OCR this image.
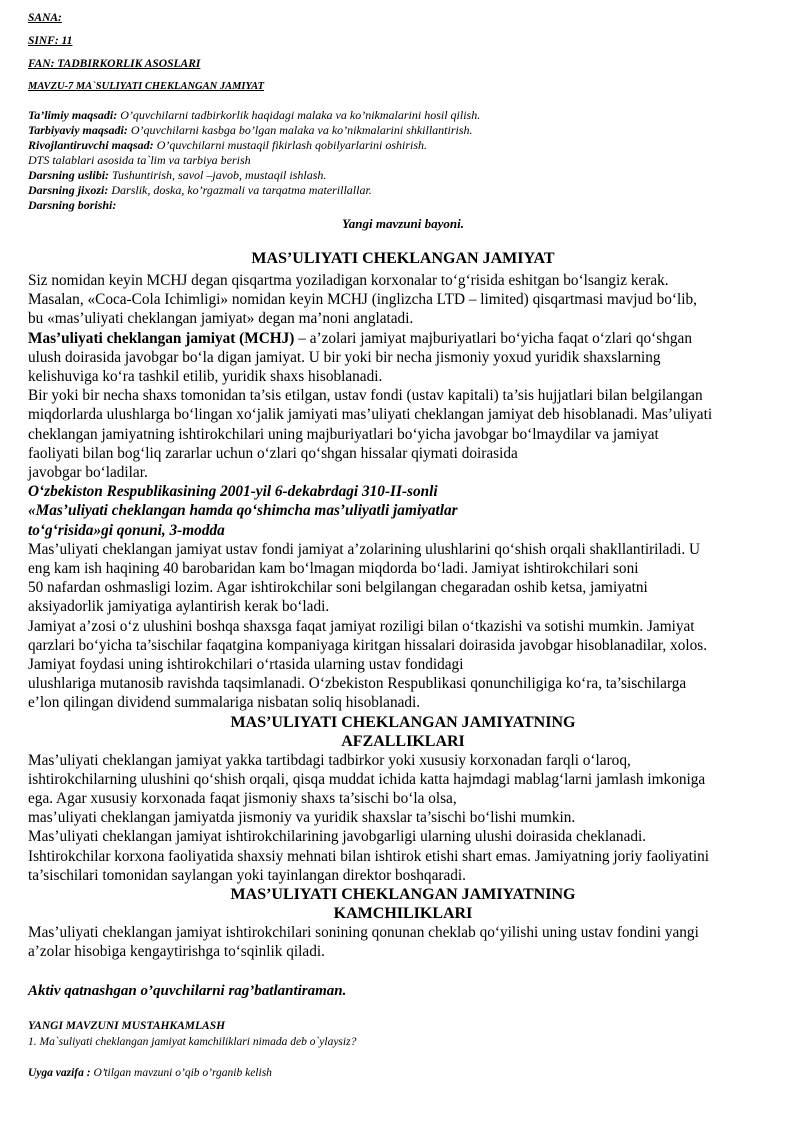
SANA:

SINF: 11

FAN: TADBIRKORLIK ASOSLARI

MAVZU-7 MA`SULIYATI CHEKLANGAN JAMIYAT

Ta’limiy maqsadi: O’quvchilarni tadbirkorlik haqidagi malaka va ko’nikmalarini hosil qilish.

Tarbiyaviy maqsadi: O’quvchilarni kasbga bo’lgan malaka va ko’nikmalarini shkillantirish.

Rivojlantiruvchi maqsad: O’quvchilarni mustaqil fikirlash qobilyarlarini oshirish.

DTS talablari asosida ta`lim va tarbiya berish

Darsning uslibi: Tushuntirish, savol –javob, mustaqil ishlash.

Darsning jixozi: Darslik, doska, ko’rgazmali va tarqatma materillallar.

Darsning borishi:

Yangi mavzuni bayoni.

MAS’ULIYATI CHEKLANGAN JAMIYAT

Siz nomidan keyin MCHJ degan qisqartma yoziladigan korxonalar to‘g‘risida eshitgan bo‘lsangiz kerak.

Masalan, «Coca-Cola Ichimligi» nomidan keyin MCHJ (inglizcha LTD – limited) qisqartmasi mavjud bo‘lib,

bu «mas’uliyati cheklangan jamiyat» degan ma’noni anglatadi.

Mas’uliyati cheklangan jamiyat (MCHJ) – a’zolari jamiyat majburiyatlari bo‘yicha faqat o‘zlari qo‘shgan

ulush doirasida javobgar bo‘la digan jamiyat. U bir yoki bir necha jismoniy yoxud yuridik shaxslarning

kelishuviga ko‘ra tashkil etilib, yuridik shaxs hisoblanadi.

Bir yoki bir necha shaxs tomonidan ta’sis etilgan, ustav fondi (ustav kapitali) ta’sis hujjatlari bilan belgilangan

miqdorlarda ulushlarga bo‘lingan xo‘jalik jamiyati mas’uliyati cheklangan jamiyat deb hisoblanadi. Mas’uliyati

cheklangan jamiyatning ishtirokchilari uning majburiyatlari bo‘yicha javobgar bo‘lmaydilar va jamiyat

faoliyati bilan bog‘liq zararlar uchun o‘zlari qo‘shgan hissalar qiymati doirasida

javobgar bo‘ladilar.

O‘zbekiston Respublikasining 2001-yil 6-dekabrdagi 310-II-sonli

«Mas’uliyati cheklangan hamda qo‘shimcha mas’uliyatli jamiyatlar

to‘g‘risida»gi qonuni, 3-modda

Mas’uliyati cheklangan jamiyat ustav fondi jamiyat a’zolarining ulushlarini qo‘shish orqali shakllantiriladi. U

eng kam ish haqining 40 barobaridan kam bo‘lmagan miqdorda bo‘ladi. Jamiyat ishtirokchilari soni

50 nafardan oshmasligi lozim. Agar ishtirokchilar soni belgilangan chegaradan oshib ketsa, jamiyatni

aksiyadorlik jamiyatiga aylantirish kerak bo‘ladi.

Jamiyat a’zosi o‘z ulushini boshqa shaxsga faqat jamiyat roziligi bilan o‘tkazishi va sotishi mumkin. Jamiyat

qarzlari bo‘yicha ta’sischilar faqatgina kompaniyaga kiritgan hissalari doirasida javobgar hisoblanadilar, xolos.

Jamiyat foydasi uning ishtirokchilari o‘rtasida ularning ustav fondidagi

ulushlariga mutanosib ravishda taqsimlanadi. O‘zbekiston Respublikasi qonunchiligiga ko‘ra, ta’sischilarga

e’lon qilingan dividend summalariga nisbatan soliq hisoblanadi.

MAS’ULIYATI CHEKLANGAN JAMIYATNING

AFZALLIKLARI

Mas’uliyati cheklangan jamiyat yakka tartibdagi tadbirkor yoki xususiy korxonadan farqli o‘laroq,

ishtirokchilarning ulushini qo‘shish orqali, qisqa muddat ichida katta hajmdagi mablag‘larni jamlash imkoniga

ega. Agar xususiy korxonada faqat jismoniy shaxs ta’sischi bo‘la olsa,

mas’uliyati cheklangan jamiyatda jismoniy va yuridik shaxslar ta’sischi bo‘lishi mumkin.

Mas’uliyati cheklangan jamiyat ishtirokchilarining javobgarligi ularning ulushi doirasida cheklanadi.

Ishtirokchilar korxona faoliyatida shaxsiy mehnati bilan ishtirok etishi shart emas. Jamiyatning joriy faoliyatini

ta’sischilari tomonidan saylangan yoki tayinlangan direktor boshqaradi.

MAS’ULIYATI CHEKLANGAN JAMIYATNING

KAMCHILIKLARI

Mas’uliyati cheklangan jamiyat ishtirokchilari sonining qonunan cheklab qo‘yilishi uning ustav fondini yangi

a’zolar hisobiga kengaytirishga to‘sqinlik qiladi.

Aktiv qatnashgan o’quvchilarni rag’batlantiraman.

YANGI MAVZUNI MUSTAHKAMLASH

1. Ma`suliyati cheklangan jamiyat kamchiliklari nimada deb o`ylaysiz?

Uyga vazifa : O’tilgan mavzuni o’qib o’rganib kelish
